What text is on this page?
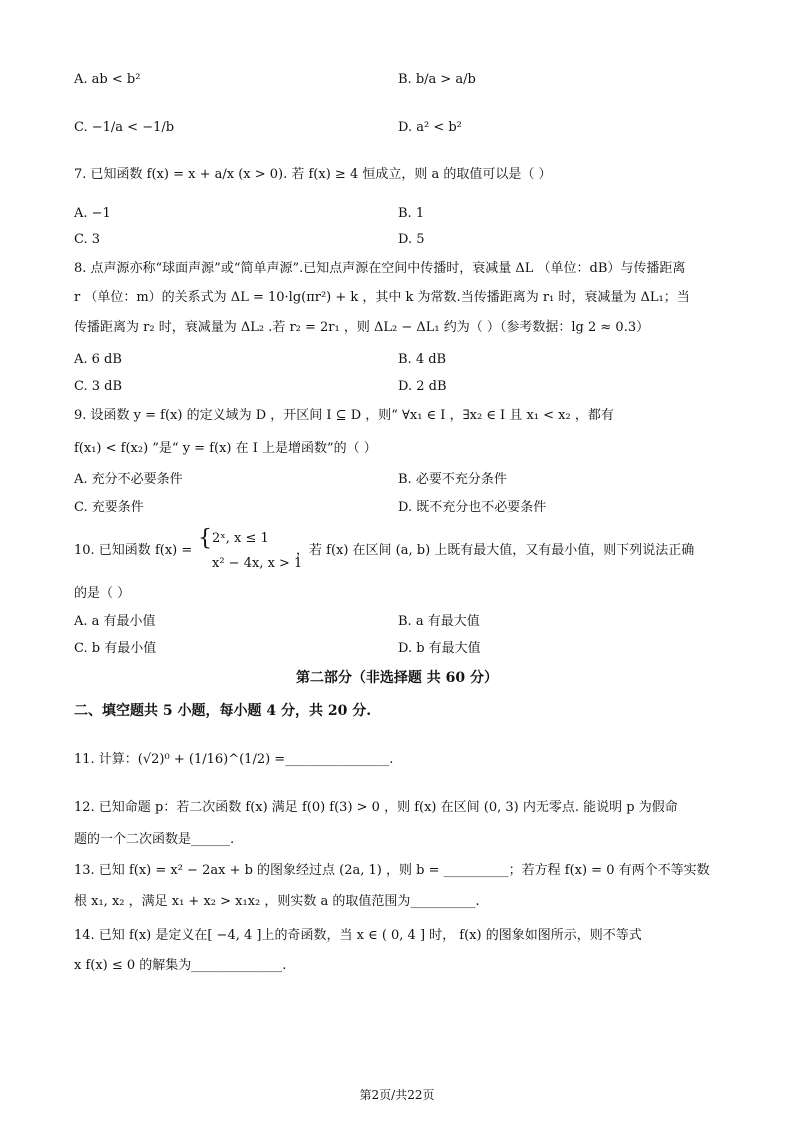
A. ab < b²	B. b/a > a/b
C. −1/a < −1/b	D. a² < b²
7. 已知函数 f(x) = x + a/x (x > 0). 若 f(x) ≥ 4 恒成立，则 a 的取值可以是（ ）
A. −1	B. 1
C. 3	D. 5
8. 点声源亦称“球面声源”或“简单声源”.已知点声源在空间中传播时，衰减量 ΔL （单位：dB）与传播距离
r （单位：m）的关系式为 ΔL = 10·lg(πr²) + k ，其中 k 为常数.当传播距离为 r₁ 时，衰减量为 ΔL₁；当
传播距离为 r₂ 时，衰减量为 ΔL₂ .若 r₂ = 2r₁ ，则 ΔL₂ − ΔL₁ 约为（ ）（参考数据：lg 2 ≈ 0.3）
A. 6 dB	B. 4 dB
C. 3 dB	D. 2 dB
9. 设函数 y = f(x) 的定义域为 D ，开区间 I ⊆ D ，则“ ∀x₁ ∈ I ，∃x₂ ∈ I 且 x₁ < x₂ ，都有
f(x₁) < f(x₂) ”是“ y = f(x) 在 I 上是增函数”的（ ）
A. 充分不必要条件	B. 必要不充分条件
C. 充要条件	D. 既不充分也不必要条件
10. 已知函数 f(x) = { 2ˣ, x ≤ 1
x² − 4x, x > 1
，若 f(x) 在区间 (a, b) 上既有最大值，又有最小值，则下列说法正确
的是（ ）
A. a 有最小值	B. a 有最大值
C. b 有最小值	D. b 有最大值
第二部分（非选择题 共 60 分）
二、填空题共 5 小题，每小题 4 分，共 20 分.
11. 计算：(√2)⁰ + (1/16)^(1/2) =________________.
12. 已知命题 p：若二次函数 f(x) 满足 f(0) f(3) > 0 ，则 f(x) 在区间 (0, 3) 内无零点. 能说明 p 为假命
题的一个二次函数是______.
13. 已知 f(x) = x² − 2ax + b 的图象经过点 (2a, 1) ，则 b = __________；若方程 f(x) = 0 有两个不等实数
根 x₁, x₂ ，满足 x₁ + x₂ > x₁x₂ ，则实数 a 的取值范围为__________.
14. 已知 f(x) 是定义在[ −4, 4 ]上的奇函数，当 x ∈ ( 0, 4 ] 时， f(x) 的图象如图所示，则不等式
x f(x) ≤ 0 的解集为______________.
第2页/共22页
